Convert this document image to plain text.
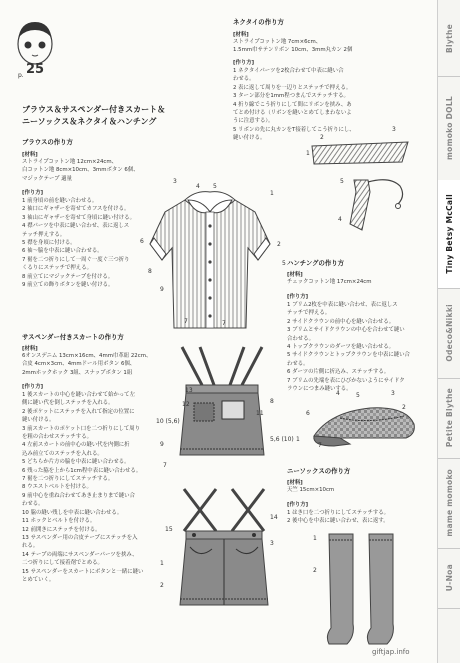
p. 25
ブラウス＆サスペンダー付きスカート＆
ニーソックス＆ネクタイ＆ハンチング
ブラウスの作り方
[材料]
ストライプコットン地 12cm×24cm、
白コットン地 8cm×10cm、3mmボタン 6個、
マジックテープ 適量
[作り方]
1 前身頃の前を縫い合わせる。
2 袖口にギャザーを寄せてカフスを付ける。
3 袖山にギャザーを寄せて身頃に縫い付ける。
4 襟パーツを中表に縫い合わせ、表に返しス
テッチ押えする。
5 襟を身頃に付ける。
6 袖〜脇を中表に縫い合わせる。
7 裾を二つ折りにして一周ぐ一度ぐ三つ折り
くるりにステッチで押える。
8 前立てにマジックテープを付ける。
9 前立ての飾りボタンを縫い付ける。
3
4 5
1
6	2
8
5
9
7	7
サスペンダー付きスカートの作り方
[材料]
6オンスデニム 13cm×16cm、4mm巾革紐 22cm、
合皮 4cm×3cm、4mmドール用ボタン 6個、
2mmホックホック 3組、スナップボタン 1組
[作り方]
1 後スカートの中心を縫い合わせて始かって左
側に縫い代を倒しステッチを入れる。
2 後ポケットにステッチを入れて指定の位置に
縫い付ける。
3 前スカートのポケット口を二つ折りにして周り
を粗の合わせステッチする。
4 左前スカートの前中心の縫い代を内側に折
込み前立てのステッチを入れる。
5 どちらか片方の脇を中表に縫い合わせる。
6 残った脇を上から1cm程中表に縫い合わせる。
7 裾を二つ折りにしてステッチする。
8 ウエストベルトを付ける。
9 前中心を重ね合わせてあき止まりまで縫い合
わせる。
10 脇の縫い残しを中表に縫い合わせる。
11 ホックとベルトを付ける。
12 前開きにステッチを付ける。
13 サスペンダー用の合皮テープにステッチを入
れる。
14 テープの両端にサスペンダーパーツを挟み、
二つ折りにして接着剤でとめる。
15 サスペンダーをスカートにボタンと一緒に縫い
とめていく。
13
12	8
10 (5,6)
5,6 (10)
11
9
7
15
14
1
2
3
ネクタイの作り方
[材料]
ストライプコットン地 7cm×6cm、
1.5mm巾サテンリボン 10cm、3mm丸カン 2個
[作り方]
1 ネクタイパーツを2枚合わせて中表に縫い合
わせる。
2 表に返して周りを一辺りとステッチで押える。
3 ターン部分を1mm程つまんでステッチする。
4 折り線でこう折りにして間にリボンを挟み、あ
てとめ付ける（リボンを縫いとめてしまわないよ
うに注意する）。
5 リボンの先に丸カンをT接着してこう折りにし、
縫い付ける。	2
1
3
5
4
ハンチングの作り方
[材料]
チェックコットン地 17cm×24cm
[作り方]
1 ブリム2枚を中表に縫い合わせ、表に返しス
テッチで押える。
2 サイドクラウンの前中心を縫い合わせる。
3 ブリムとサイドクラウンの中心を合わせて縫い
合わせる。
4 トップクラウンのダーツを縫い合わせる。
5 サイドクラウンとトップクラウンを中表に縫い合
わせる。
6 ダーツの片側に折込み、ステッチする。
7 ブリムの先端を表にひびかないようにサイドク
ラウンにつまみ縫いする。
4	5	3
2
6
1
7
ニーソックスの作り方
[材料]
天竺 15cm×10cm
[作り方]
1 はき口を二つ折りにしてステッチする。
2 後中心を中表に縫い合わせ、表に返す。
1
2
giftjap.info
Blythe
momoko DOLL
Tiny Betsy McCall
Odeco&Nikki
Petite Blythe
mame momoko
U-Noa
